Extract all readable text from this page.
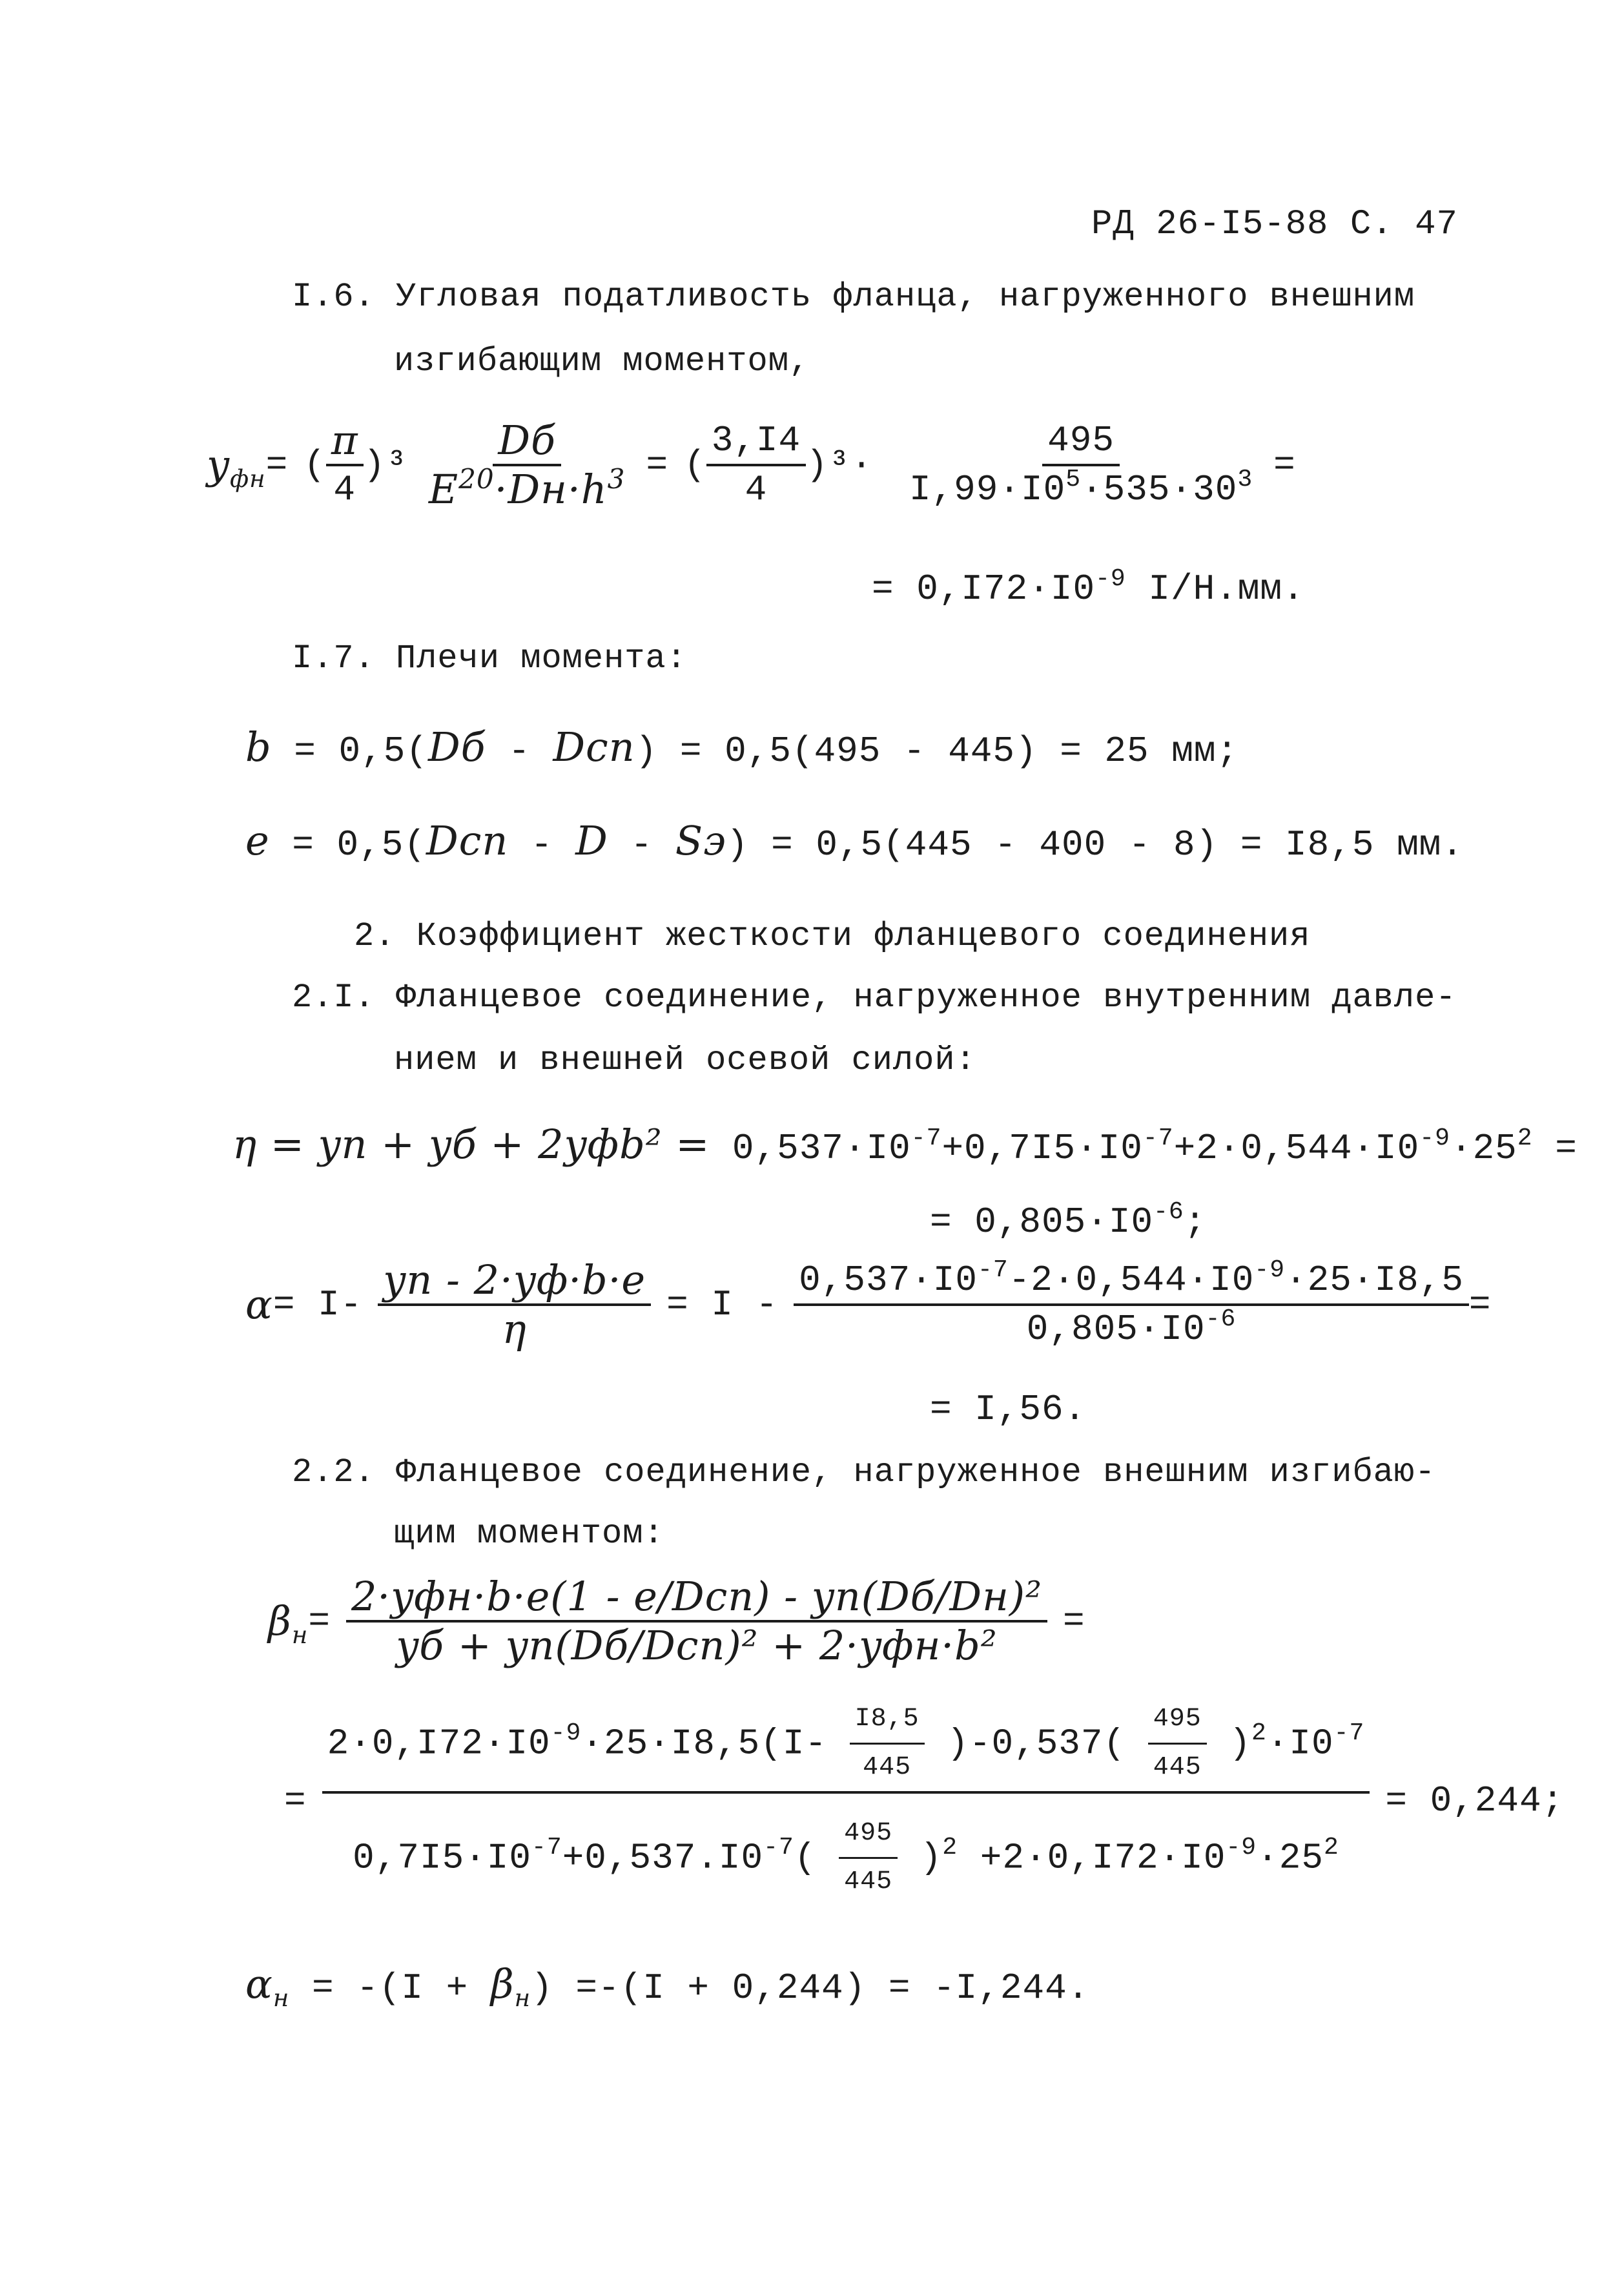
РД 26-I5-88 С. 47
I.6. Угловая податливость фланца, нагруженного внешним
изгибающим моментом,
$y_{фн}$ = ( $\frac{\pi}{4} )^3 \frac{Dб}{E^{20}\cdot Dн\cdot h^3}$ = ( $\frac{3,I4}{4} )^3\cdot \frac{495}{I,99\cdot I0^5\cdot 535\cdot 30^3}$ =
= $0,I72\cdot I0^{-9}$ I/Н.мм.
I.7. Плечи момента:
b = 0,5(Dб - Dсп) = 0,5(495 - 445) = 25 мм;
e = 0,5(Dсп - D - Sэ) = 0,5(445 - 400 - 8) = I8,5 мм.
2. Коэффициент жесткости фланцевого соединения
2.I. Фланцевое соединение, нагруженное внутренним давле-
нием и внешней осевой силой:
η = yп + yб + $2yфb^2 = 0,537\cdot I0^{-7}+0,7I5\cdot I0^{-7}+2\cdot 0,544\cdot I0^{-9}\cdot 25^2$ =
= $0,805\cdot I0^{-6}$;
$\alpha = I- \frac{yп - 2\cdot yф\cdot b\cdot e}{\eta} = I - \frac{0,537\cdot I0^{-7}-2\cdot 0,544\cdot I0^{-9}\cdot 25\cdot I8,5}{0,805\cdot I0^{-6}}$ =
= I,56.
2.2. Фланцевое соединение, нагруженное внешним изгибаю-
щим моментом:
$\beta_н = \frac{\text{2·yфн·b·e(1 - e/Dсп) - yп(Dб/Dн)²}}{\text{yб + yп(Dб/Dсп)² + 2·yфн·b²}}$ =
=
$2\cdot 0,I72\cdot I0^{-9}\cdot 25\cdot I8,5(I- \frac{I8,5}{445} )-0,537( \frac{495}{445} )^2\cdot I0^{-7}$
$0,7I5\cdot I0^{-7}+0,537.I0^{-7}( \frac{495}{445} )^2 +2\cdot 0,I72\cdot I0^{-9}\cdot 25^2$
= 0,244;
$\alpha_н = -(I + \beta_н) =-(I + 0,244) = -I,244$.
